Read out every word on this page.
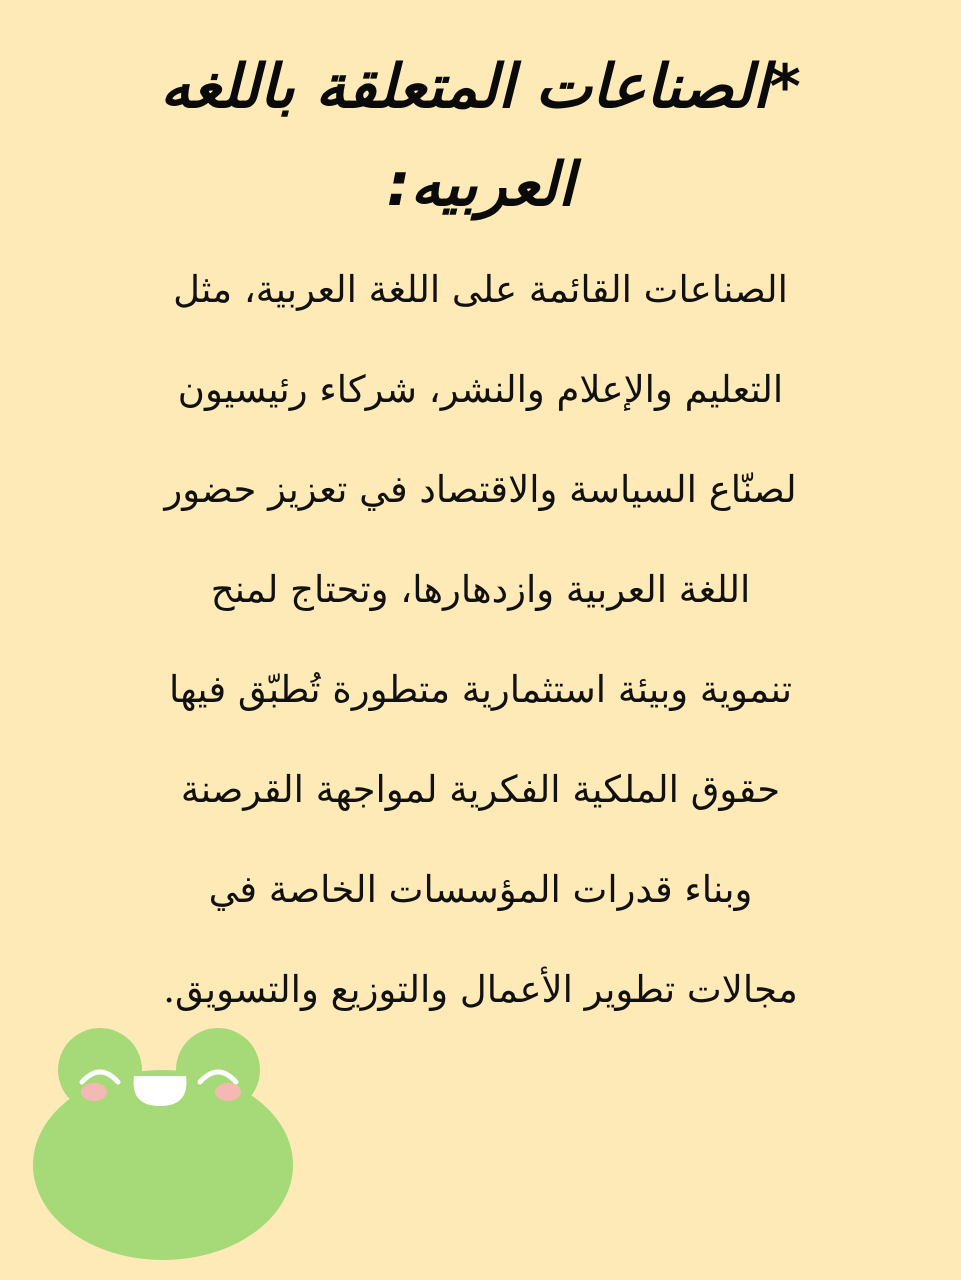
*الصناعات المتعلقة باللغه
العربيه:
الصناعات القائمة على اللغة العربية، مثل
التعليم والإعلام والنشر، شركاء رئيسيون
لصنّاع السياسة والاقتصاد في تعزيز حضور
اللغة العربية وازدهارها، وتحتاج لمنح
تنموية وبيئة استثمارية متطورة تُطبّق فيها
حقوق الملكية الفكرية لمواجهة القرصنة
وبناء قدرات المؤسسات الخاصة في
مجالات تطوير الأعمال والتوزيع والتسويق.
